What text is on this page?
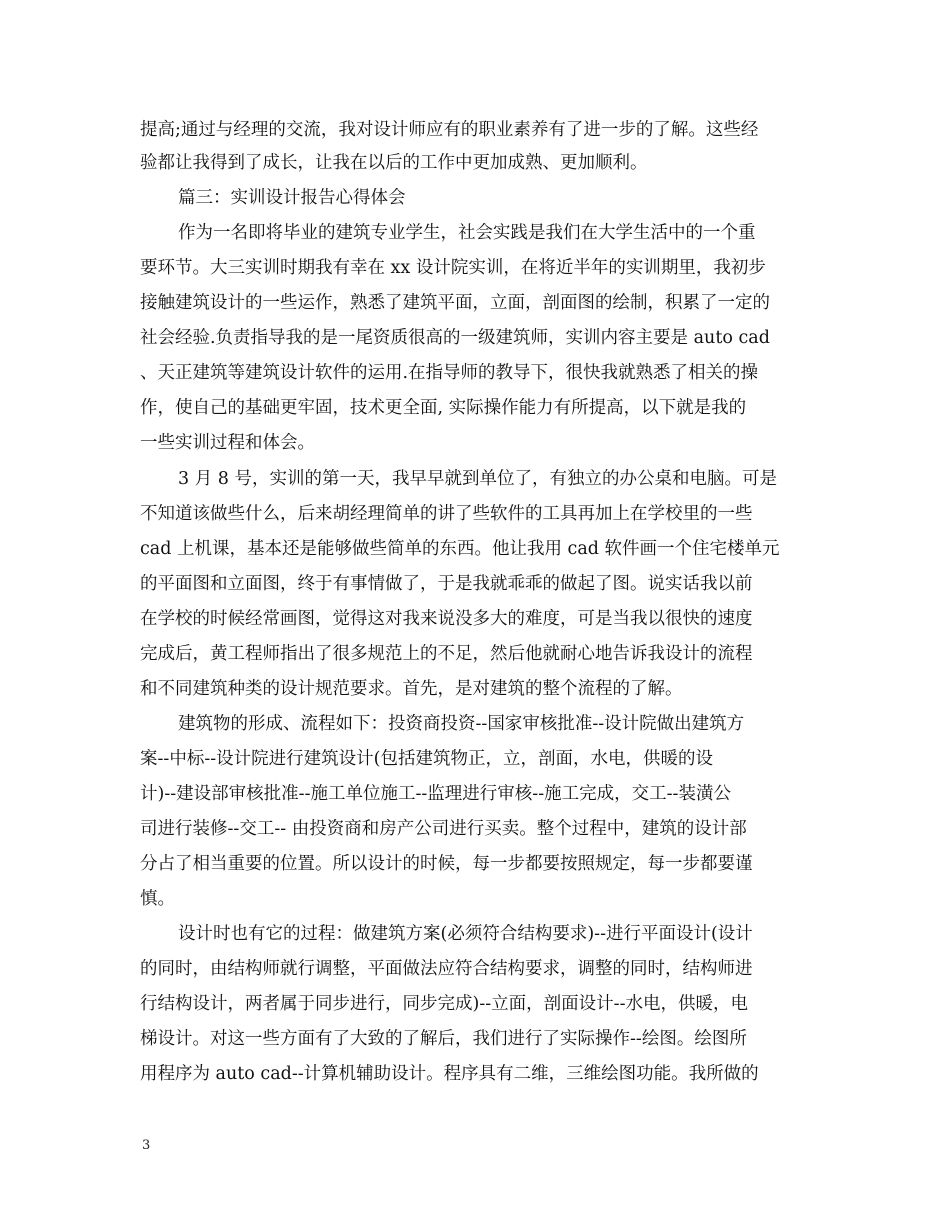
提高;通过与经理的交流，我对设计师应有的职业素养有了进一步的了解。这些经
验都让我得到了成长，让我在以后的工作中更加成熟、更加顺利。
篇三：实训设计报告心得体会
作为一名即将毕业的建筑专业学生，社会实践是我们在大学生活中的一个重
要环节。大三实训时期我有幸在 xx 设计院实训，在将近半年的实训期里，我初步
接触建筑设计的一些运作，熟悉了建筑平面，立面，剖面图的绘制，积累了一定的
社会经验.负责指导我的是一尾资质很高的一级建筑师，实训内容主要是 auto cad
、天正建筑等建筑设计软件的运用.在指导师的教导下，很快我就熟悉了相关的操
作，使自己的基础更牢固，技术更全面, 实际操作能力有所提高，以下就是我的
一些实训过程和体会。
3 月 8 号，实训的第一天，我早早就到单位了，有独立的办公桌和电脑。可是
不知道该做些什么，后来胡经理简单的讲了些软件的工具再加上在学校里的一些
cad 上机课，基本还是能够做些简单的东西。他让我用 cad 软件画一个住宅楼单元
的平面图和立面图，终于有事情做了，于是我就乖乖的做起了图。说实话我以前
在学校的时候经常画图，觉得这对我来说没多大的难度，可是当我以很快的速度
完成后，黄工程师指出了很多规范上的不足，然后他就耐心地告诉我设计的流程
和不同建筑种类的设计规范要求。首先，是对建筑的整个流程的了解。
建筑物的形成、流程如下：投资商投资--国家审核批准--设计院做出建筑方
案--中标--设计院进行建筑设计(包括建筑物正，立，剖面，水电，供暖的设
计)--建设部审核批准--施工单位施工--监理进行审核--施工完成，交工--装潢公
司进行装修--交工-- 由投资商和房产公司进行买卖。整个过程中，建筑的设计部
分占了相当重要的位置。所以设计的时候，每一步都要按照规定，每一步都要谨
慎。
设计时也有它的过程：做建筑方案(必须符合结构要求)--进行平面设计(设计
的同时，由结构师就行调整，平面做法应符合结构要求，调整的同时，结构师进
行结构设计，两者属于同步进行，同步完成)--立面，剖面设计--水电，供暖，电
梯设计。对这一些方面有了大致的了解后，我们进行了实际操作--绘图。绘图所
用程序为 auto cad--计算机辅助设计。程序具有二维，三维绘图功能。我所做的
3
